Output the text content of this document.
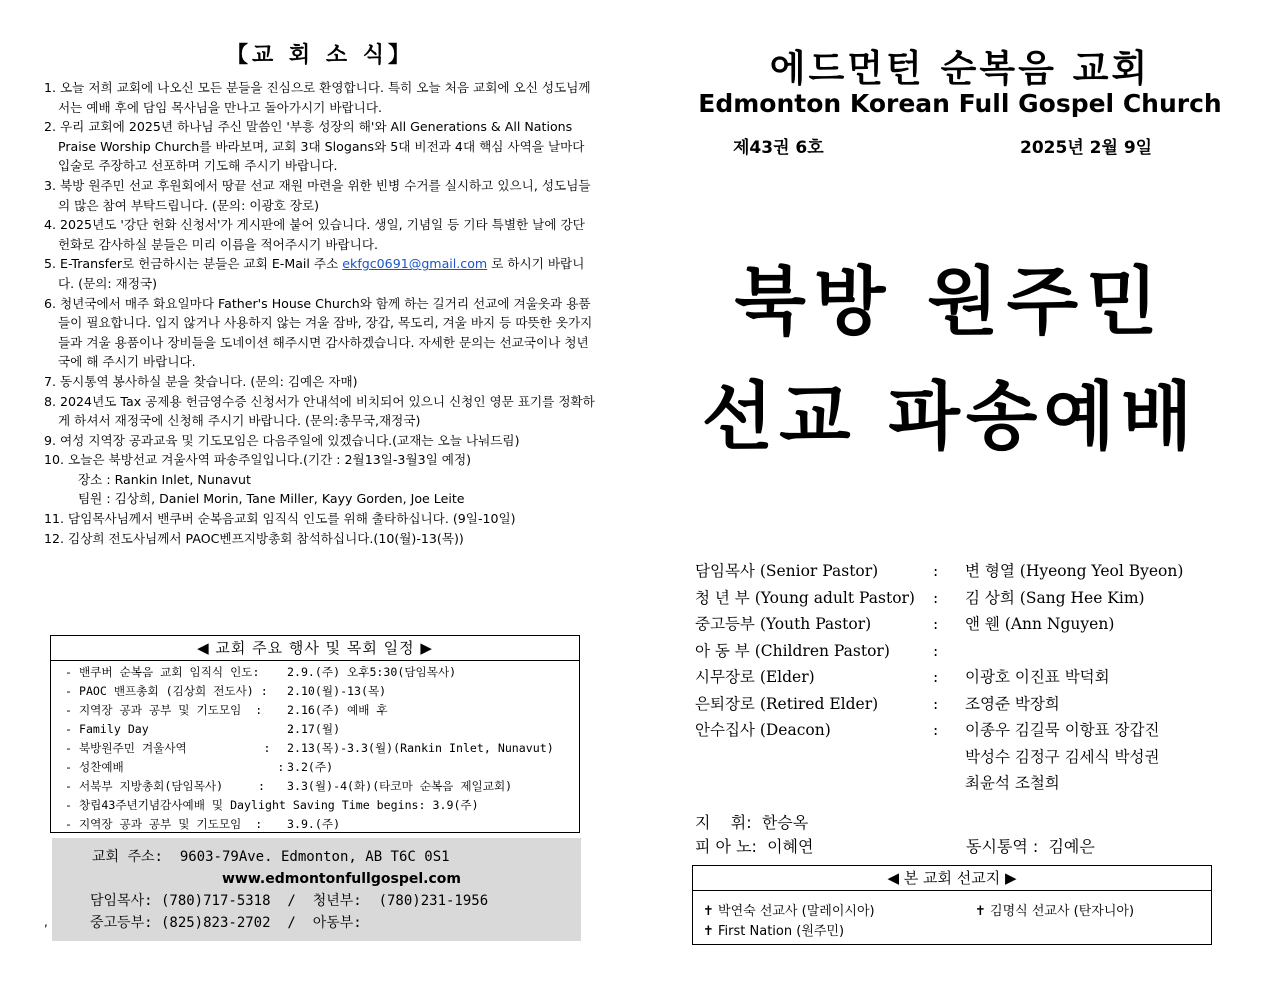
【교 회 소 식】
1. 오늘 저희 교회에 나오신 모든 분들을 진심으로 환영합니다. 특히 오늘 처음 교회에 오신 성도님께서는 예배 후에 담임 목사님을 만나고 돌아가시기 바랍니다.
2. 우리 교회에 2025년 하나님 주신 말씀인 '부흥 성장의 해'와 All Generations & All Nations Praise Worship Church를 바라보며, 교회 3대 Slogans와 5대 비전과 4대 핵심 사역을 날마다 입술로 주장하고 선포하며 기도해 주시기 바랍니다.
3. 북방 원주민 선교 후원회에서 땅끝 선교 재원 마련을 위한 빈병 수거를 실시하고 있으니, 성도님들의 많은 참여 부탁드립니다. (문의: 이광호 장로)
4. 2025년도 '강단 헌화 신청서'가 게시판에 붙어 있습니다. 생일, 기념일 등 기타 특별한 날에 강단 헌화로 감사하실 분들은 미리 이름을 적어주시기 바랍니다.
5. E-Transfer로 헌금하시는 분들은 교회 E-Mail 주소 ekfgc0691@gmail.com 로 하시기 바랍니다. (문의: 재정국)
6. 청년국에서 매주 화요일마다 Father's House Church와 함께 하는 길거리 선교에 겨울옷과 용품들이 필요합니다. 입지 않거나 사용하지 않는 겨울 잠바, 장갑, 목도리, 겨울 바지 등 따뜻한 옷가지들과 겨울 용품이나 장비들을 도네이션 해주시면 감사하겠습니다. 자세한 문의는 선교국이나 청년국에 해 주시기 바랍니다.
7. 동시통역 봉사하실 분을 찾습니다. (문의: 김예은 자매)
8. 2024년도 Tax 공제용 헌금영수증 신청서가 안내석에 비치되어 있으니 신청인 영문 표기를 정확하게 하셔서 재정국에 신청해 주시기 바랍니다. (문의:총무국,재정국)
9. 여성 지역장 공과교육 및 기도모임은 다음주일에 있겠습니다.(교재는 오늘 나눠드림)
10. 오늘은 북방선교 겨울사역 파송주일입니다.(기간 : 2월13일-3월3일 예정)
장소 : Rankin Inlet, Nunavut
팀원 : 김상희, Daniel Morin, Tane Miller, Kayy Gorden, Joe Leite
11. 담임목사님께서 밴쿠버 순복음교회 임직식 인도를 위해 출타하십니다. (9일-10일)
12. 김상희 전도사님께서 PAOC벤프지방총회 참석하십니다.(10(월)-13(목))
◀ 교회 주요 행사 및 목회 일정 ▶
- 밴쿠버 순복음 교회 임직식 인도: 2.9.(주) 오후5:30(담임목사)
- PAOC 밴프총회 (김상희 전도사) : 2.10(월)-13(목)
- 지역장 공과 공부 및 기도모임  : 2.16(주) 예배 후
- Family Day                    : 2.17(월)
- 북방원주민 겨울사역           : 2.13(목)-3.3(월)(Rankin Inlet, Nunavut)
- 성찬예배                      : 3.2(주)
- 서북부 지방총회(담임목사)     : 3.3(월)-4(화)(타코마 순복음 제일교회)
- 창립43주년기념감사예배 및 Daylight Saving Time begins: 3.9(주)
- 지역장 공과 공부 및 기도모임  : 3.9.(주)
교회 주소: 9603-79Ave. Edmonton, AB T6C 0S1
www.edmontonfullgospel.com
담임목사: (780)717-5318  /  청년부: (780)231-1956
중고등부: (825)823-2702  /  아동부:
,
에드먼턴 순복음 교회
Edmonton Korean Full Gospel Church
제43권 6호	2025년 2월 9일
북방 원주민
선교 파송예배
담임목사 (Senior Pastor)	: 변 형열 (Hyeong Yeol Byeon)
청 년 부 (Young adult Pastor) : 김 상희 (Sang Hee Kim)
중고등부 (Youth Pastor)	: 앤 웬 (Ann Nguyen)
아 동 부 (Children Pastor)	:
시무장로 (Elder)	: 이광호 이진표 박덕회
은퇴장로 (Retired Elder)	: 조영준 박장희
안수집사 (Deacon)	: 이종우 김길묵 이항표 장갑진
박성수 김정구 김세식 박성권
최윤석 조철희
지    휘:  한승옥
피 아 노:  이혜연	동시통역 :  김예은
◀ 본 교회 선교지 ▶
✝ 박연숙 선교사 (말레이시아)	✝ 김명식 선교사 (탄자니아)
✝ First Nation (원주민)
